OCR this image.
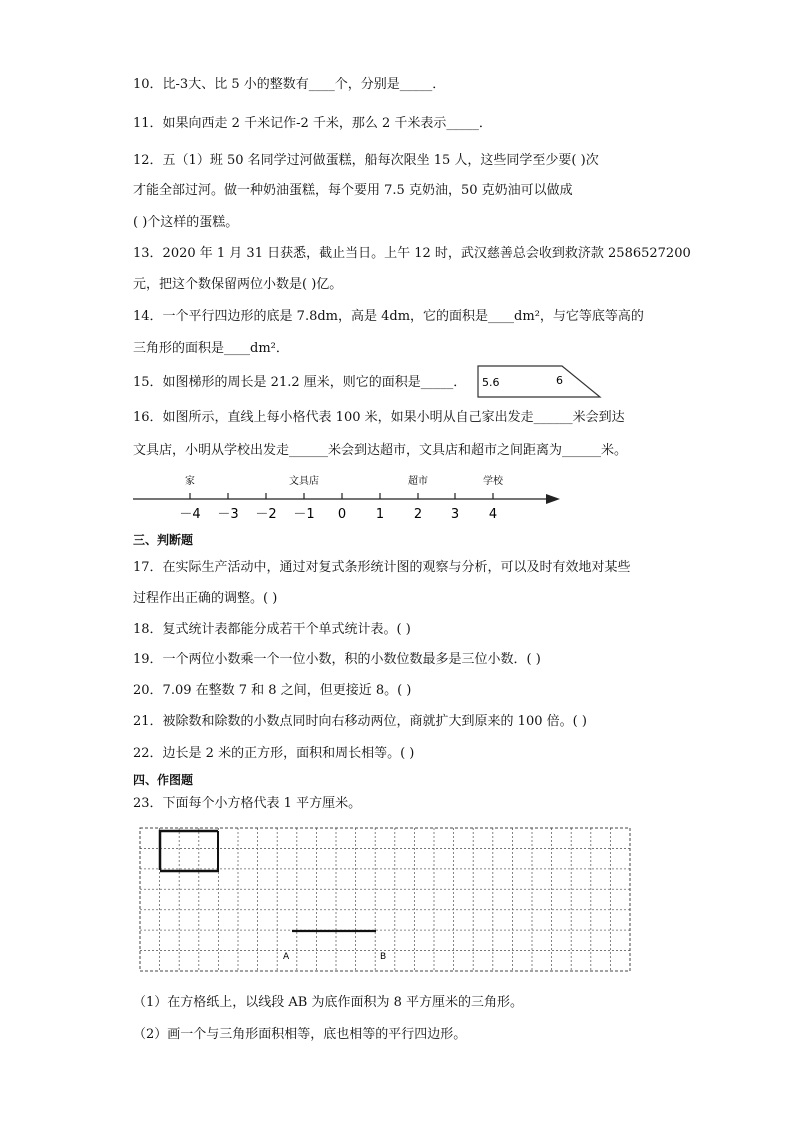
10．比-3大、比 5 小的整数有____个，分别是_____．
11．如果向西走 2 千米记作-2 千米，那么 2 千米表示_____．
12．五（1）班 50 名同学过河做蛋糕，船每次限坐 15 人，这些同学至少要( )次
才能全部过河。做一种奶油蛋糕，每个要用 7.5 克奶油，50 克奶油可以做成
( )个这样的蛋糕。
13．2020 年 1 月 31 日获悉，截止当日。上午 12 时，武汉慈善总会收到救济款 2586527200
元，把这个数保留两位小数是( )亿。
14．一个平行四边形的底是 7.8dm，高是 4dm，它的面积是____dm²，与它等底等高的
三角形的面积是____dm²．
15．如图梯形的周长是 21.2 厘米，则它的面积是_____． 5.6	6
16．如图所示，直线上每小格代表 100 米，如果小明从自己家出发走______米会到达
文具店，小明从学校出发走______米会到达超市，文具店和超市之间距离为______米。
－4 －3 －2 －1 0 1 2 3 4
家	文具店	超市	学校
三、判断题
17．在实际生产活动中，通过对复式条形统计图的观察与分析，可以及时有效地对某些
过程作出正确的调整。( )
18．复式统计表都能分成若干个单式统计表。( )
19．一个两位小数乘一个一位小数，积的小数位数最多是三位小数．( )
20．7.09 在整数 7 和 8 之间，但更接近 8。( )
21．被除数和除数的小数点同时向右移动两位，商就扩大到原来的 100 倍。( )
22．边长是 2 米的正方形，面积和周长相等。( )
四、作图题
23．下面每个小方格代表 1 平方厘米。
A	B
（1）在方格纸上，以线段 AB 为底作面积为 8 平方厘米的三角形。
（2）画一个与三角形面积相等，底也相等的平行四边形。
